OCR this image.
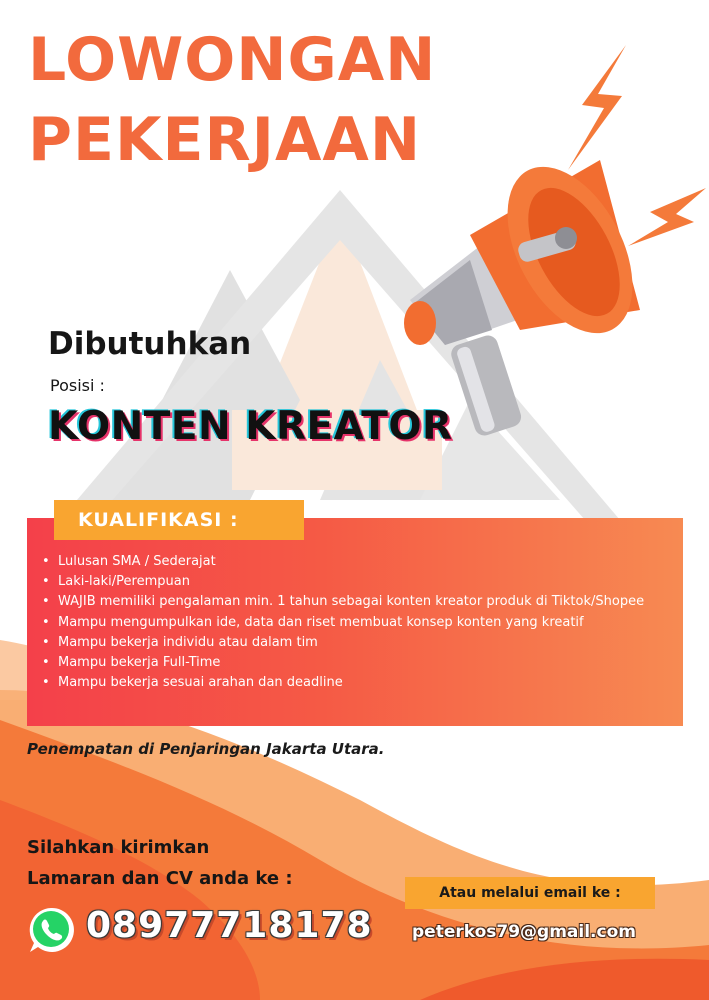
LOWONGAN
PEKERJAAN
Dibutuhkan
Posisi :
KONTEN KREATOR
KUALIFIKASI :
• Lulusan SMA / Sederajat
• Laki-laki/Perempuan
• WAJIB memiliki pengalaman min. 1 tahun sebagai konten kreator produk di Tiktok/Shopee
• Mampu mengumpulkan ide, data dan riset membuat konsep konten yang kreatif
• Mampu bekerja individu atau dalam tim
• Mampu bekerja Full-Time
• Mampu bekerja sesuai arahan dan deadline
Penempatan di Penjaringan Jakarta Utara.
Silahkan kirimkan
Lamaran dan CV anda ke :
08977718178
Atau melalui email ke :
peterkos79@gmail.com
